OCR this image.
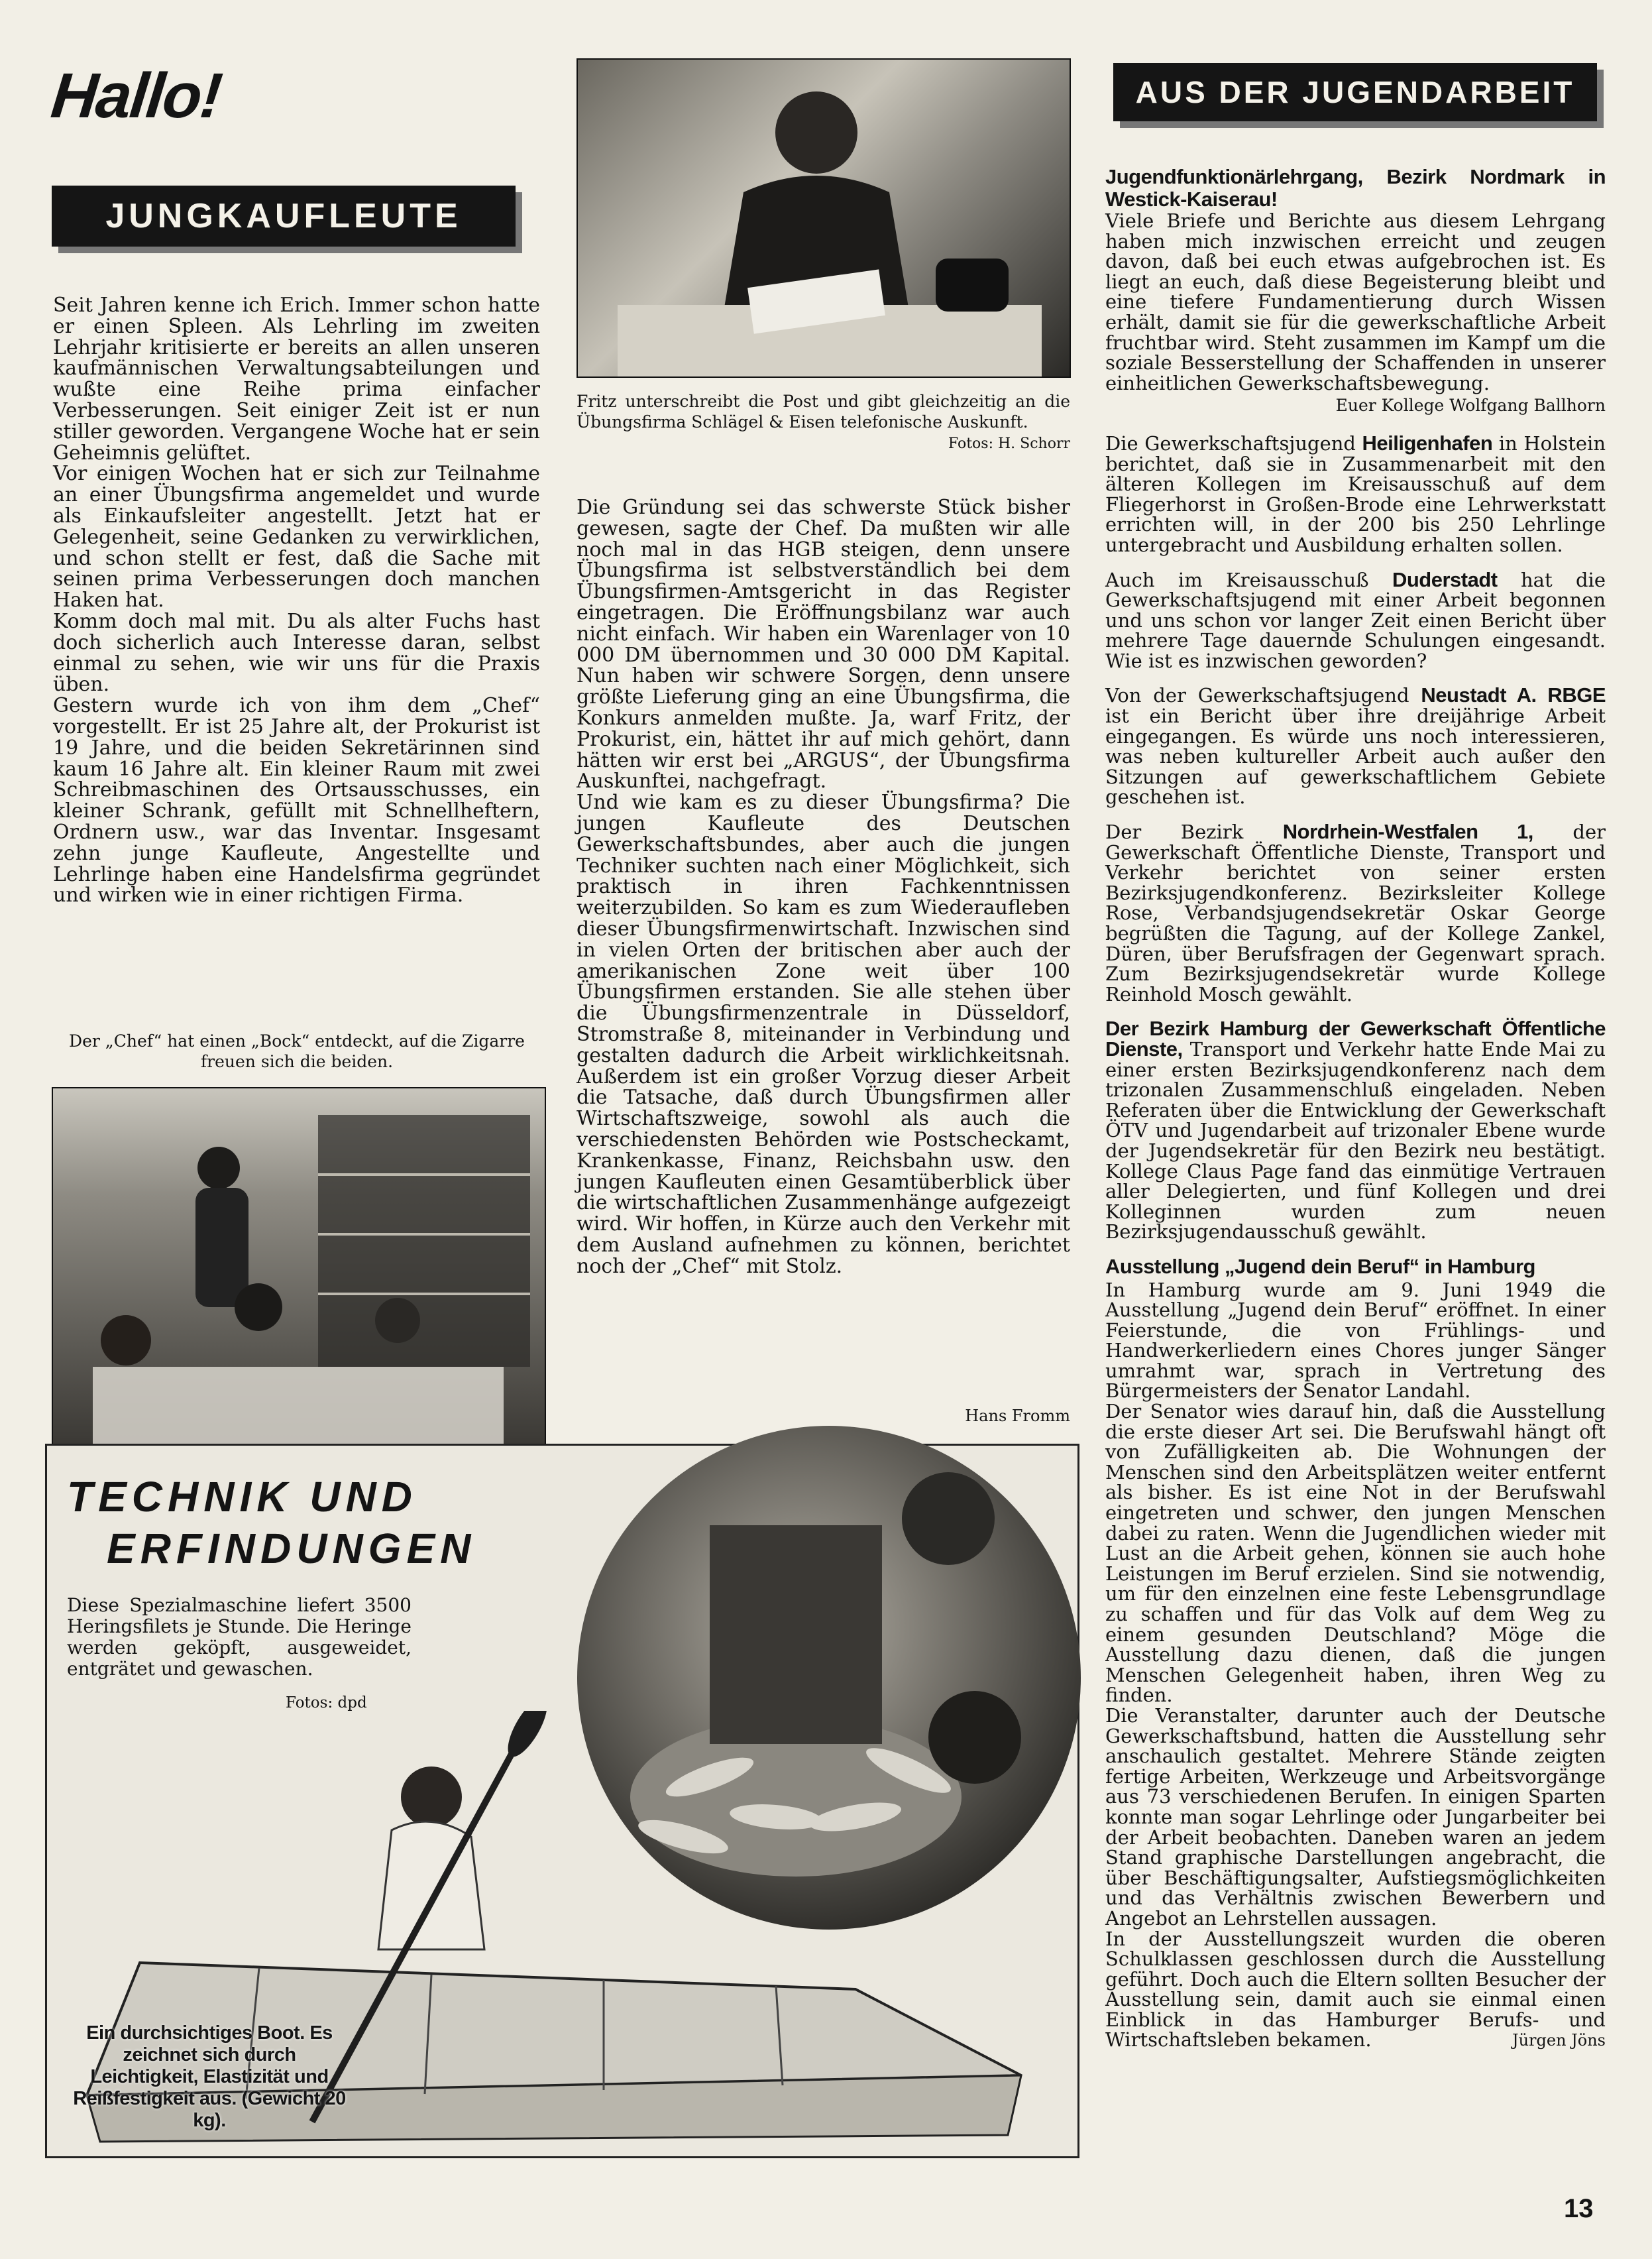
Hallo!
JUNGKAUFLEUTE

Seit Jahren kenne ich Erich. Immer schon hatte er einen Spleen. Als Lehrling im zweiten Lehrjahr kritisierte er bereits an allen unseren kaufmännischen Verwaltungsabteilungen und wußte eine Reihe prima einfacher Verbesserungen. Seit einiger Zeit ist er nun stiller geworden. Vergangene Woche hat er sein Geheimnis gelüftet.

Vor einigen Wochen hat er sich zur Teilnahme an einer Übungsfirma angemeldet und wurde als Einkaufsleiter angestellt. Jetzt hat er Gelegenheit, seine Gedanken zu verwirklichen, und schon stellt er fest, daß die Sache mit seinen prima Verbesserungen doch manchen Haken hat.

Komm doch mal mit. Du als alter Fuchs hast doch sicherlich auch Interesse daran, selbst einmal zu sehen, wie wir uns für die Praxis üben.

Gestern wurde ich von ihm dem „Chef“ vorgestellt. Er ist 25 Jahre alt, der Prokurist ist 19 Jahre, und die beiden Sekretärinnen sind kaum 16 Jahre alt. Ein kleiner Raum mit zwei Schreibmaschinen des Ortsausschusses, ein kleiner Schrank, gefüllt mit Schnellheftern, Ordnern usw., war das Inventar. Insgesamt zehn junge Kaufleute, Angestellte und Lehrlinge haben eine Handelsfirma gegründet und wirken wie in einer richtigen Firma.

Der „Chef“ hat einen „Bock“ entdeckt, auf die Zigarre freuen sich die beiden.
Fritz unterschreibt die Post und gibt gleichzeitig an die Übungsfirma Schlägel & Eisen telefonische Auskunft.
Fotos: H. Schorr

Die Gründung sei das schwerste Stück bisher gewesen, sagte der Chef. Da mußten wir alle noch mal in das HGB steigen, denn unsere Übungsfirma ist selbstverständlich bei dem Übungsfirmen-Amtsgericht in das Register eingetragen. Die Eröffnungsbilanz war auch nicht einfach. Wir haben ein Warenlager von 10 000 DM übernommen und 30 000 DM Kapital. Nun haben wir schwere Sorgen, denn unsere größte Lieferung ging an eine Übungsfirma, die Konkurs anmelden mußte. Ja, warf Fritz, der Prokurist, ein, hättet ihr auf mich gehört, dann hätten wir erst bei „ARGUS“, der Übungsfirma Auskunftei, nachgefragt.

Und wie kam es zu dieser Übungsfirma? Die jungen Kaufleute des Deutschen Gewerkschaftsbundes, aber auch die jungen Techniker suchten nach einer Möglichkeit, sich praktisch in ihren Fachkenntnissen weiterzubilden. So kam es zum Wiederaufleben dieser Übungsfirmenwirtschaft. Inzwischen sind in vielen Orten der britischen aber auch der amerikanischen Zone weit über 100 Übungsfirmen erstanden. Sie alle stehen über die Übungsfirmenzentrale in Düsseldorf, Stromstraße 8, miteinander in Verbindung und gestalten dadurch die Arbeit wirklichkeitsnah. Außerdem ist ein großer Vorzug dieser Arbeit die Tatsache, daß durch Übungsfirmen aller Wirtschaftszweige, sowohl als auch die verschiedensten Behörden wie Postscheckamt, Krankenkasse, Finanz, Reichsbahn usw. den jungen Kaufleuten einen Gesamtüberblick über die wirtschaftlichen Zusammenhänge aufgezeigt wird. Wir hoffen, in Kürze auch den Verkehr mit dem Ausland aufnehmen zu können, berichtet noch der „Chef“ mit Stolz.

Hans Fromm
AUS DER JUGENDARBEIT
Jugendfunktionärlehrgang, Bezirk Nordmark in Westick-Kaiserau!

Viele Briefe und Berichte aus diesem Lehrgang haben mich inzwischen erreicht und zeugen davon, daß bei euch etwas aufgebrochen ist. Es liegt an euch, daß diese Begeisterung bleibt und eine tiefere Fundamentierung durch Wissen erhält, damit sie für die gewerkschaftliche Arbeit fruchtbar wird. Steht zusammen im Kampf um die soziale Besserstellung der Schaffenden in unserer einheitlichen Gewerkschaftsbewegung.

Euer Kollege Wolfgang Ballhorn

Die Gewerkschaftsjugend Heiligenhafen in Holstein berichtet, daß sie in Zusammenarbeit mit den älteren Kollegen im Kreisausschuß auf dem Fliegerhorst in Großen-Brode eine Lehrwerkstatt errichten will, in der 200 bis 250 Lehrlinge untergebracht und Ausbildung erhalten sollen.

Auch im Kreisausschuß Duderstadt hat die Gewerkschaftsjugend mit einer Arbeit begonnen und uns schon vor langer Zeit einen Bericht über mehrere Tage dauernde Schulungen eingesandt. Wie ist es inzwischen geworden?

Von der Gewerkschaftsjugend Neustadt A. RBGE ist ein Bericht über ihre dreijährige Arbeit eingegangen. Es würde uns noch interessieren, was neben kultureller Arbeit auch außer den Sitzungen auf gewerkschaftlichem Gebiete geschehen ist.

Der Bezirk Nordrhein-Westfalen 1, der Gewerkschaft Öffentliche Dienste, Transport und Verkehr berichtet von seiner ersten Bezirksjugendkonferenz. Bezirksleiter Kollege Rose, Verbandsjugendsekretär Oskar George begrüßten die Tagung, auf der Kollege Zankel, Düren, über Berufsfragen der Gegenwart sprach. Zum Bezirksjugendsekretär wurde Kollege Reinhold Mosch gewählt.

Der Bezirk Hamburg der Gewerkschaft Öffentliche Dienste, Transport und Verkehr hatte Ende Mai zu einer ersten Bezirksjugendkonferenz nach dem trizonalen Zusammenschluß eingeladen. Neben Referaten über die Entwicklung der Gewerkschaft ÖTV und Jugendarbeit auf trizonaler Ebene wurde der Jugendsekretär für den Bezirk neu bestätigt. Kollege Claus Page fand das einmütige Vertrauen aller Delegierten, und fünf Kollegen und drei Kolleginnen wurden zum neuen Bezirksjugendausschuß gewählt.

Ausstellung „Jugend dein Beruf“ in Hamburg

In Hamburg wurde am 9. Juni 1949 die Ausstellung „Jugend dein Beruf“ eröffnet. In einer Feierstunde, die von Frühlings- und Handwerkerliedern eines Chores junger Sänger umrahmt war, sprach in Vertretung des Bürgermeisters der Senator Landahl.

Der Senator wies darauf hin, daß die Ausstellung die erste dieser Art sei. Die Berufswahl hängt oft von Zufälligkeiten ab. Die Wohnungen der Menschen sind den Arbeitsplätzen weiter entfernt als bisher. Es ist eine Not in der Berufswahl eingetreten und schwer, den jungen Menschen dabei zu raten. Wenn die Jugendlichen wieder mit Lust an die Arbeit gehen, können sie auch hohe Leistungen im Beruf erzielen. Sind sie notwendig, um für den einzelnen eine feste Lebensgrundlage zu schaffen und für das Volk auf dem Weg zu einem gesunden Deutschland? Möge die Ausstellung dazu dienen, daß die jungen Menschen Gelegenheit haben, ihren Weg zu finden.

Die Veranstalter, darunter auch der Deutsche Gewerkschaftsbund, hatten die Ausstellung sehr anschaulich gestaltet. Mehrere Stände zeigten fertige Arbeiten, Werkzeuge und Arbeitsvorgänge aus 73 verschiedenen Berufen. In einigen Sparten konnte man sogar Lehrlinge oder Jungarbeiter bei der Arbeit beobachten. Daneben waren an jedem Stand graphische Darstellungen angebracht, die über Beschäftigungsalter, Aufstiegsmöglichkeiten und das Verhältnis zwischen Bewerbern und Angebot an Lehrstellen aussagen.

In der Ausstellungszeit wurden die oberen Schulklassen geschlossen durch die Ausstellung geführt. Doch auch die Eltern sollten Besucher der Ausstellung sein, damit auch sie einmal einen Einblick in das Hamburger Berufs- und Wirtschaftsleben bekamen.	Jürgen Jöns
TECHNIK UND
ERFINDUNGEN
Diese Spezialmaschine liefert 3500 Heringsfilets je Stunde. Die Heringe werden geköpft, ausgeweidet, entgrätet und gewaschen.
Fotos: dpd
Ein durchsichtiges Boot. Es zeichnet sich durch Leichtigkeit, Elastizität und Reißfestigkeit aus. (Gewicht 20 kg).
13
